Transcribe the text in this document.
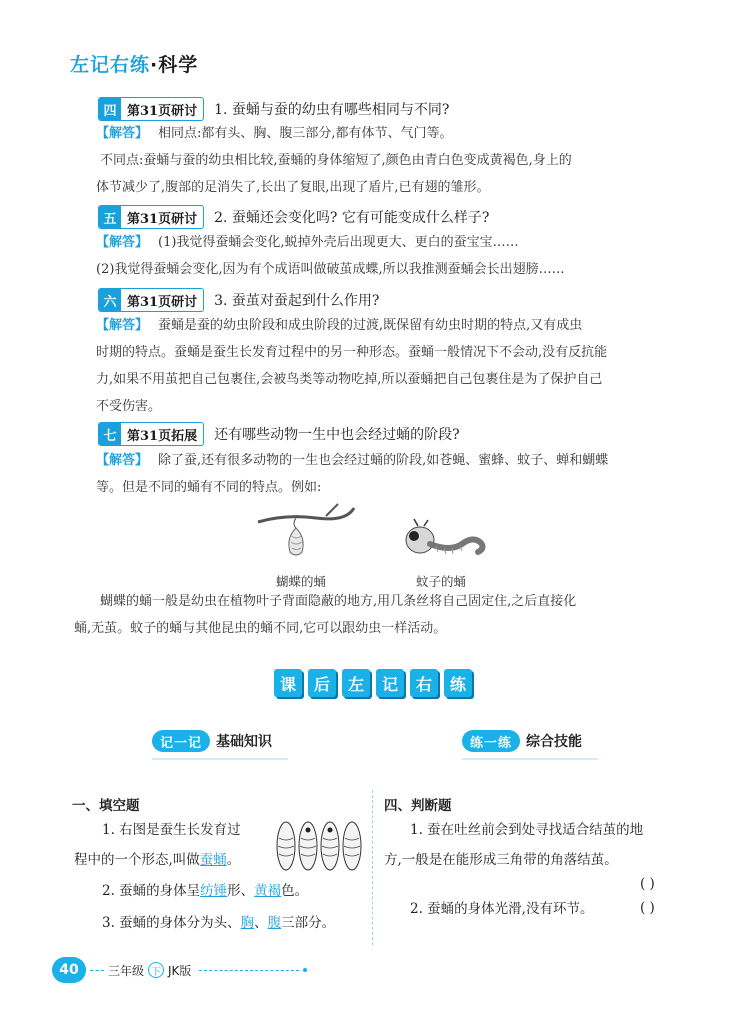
左记右练·科学
四 第31页研讨	1. 蚕蛹与蚕的幼虫有哪些相同与不同?
【解答】 相同点:都有头、胸、腹三部分,都有体节、气门等。
不同点:蚕蛹与蚕的幼虫相比较,蚕蛹的身体缩短了,颜色由青白色变成黄褐色,身上的
体节减少了,腹部的足消失了,长出了复眼,出现了盾片,已有翅的雏形。
五 第31页研讨	2. 蚕蛹还会变化吗? 它有可能变成什么样子?
【解答】 (1)我觉得蚕蛹会变化,蜕掉外壳后出现更大、更白的蚕宝宝……
(2)我觉得蚕蛹会变化,因为有个成语叫做破茧成蝶,所以我推测蚕蛹会长出翅膀……
六 第31页研讨	3. 蚕茧对蚕起到什么作用?
【解答】 蚕蛹是蚕的幼虫阶段和成虫阶段的过渡,既保留有幼虫时期的特点,又有成虫
时期的特点。蚕蛹是蚕生长发育过程中的另一种形态。蚕蛹一般情况下不会动,没有反抗能
力,如果不用茧把自己包裹住,会被鸟类等动物吃掉,所以蚕蛹把自己包裹住是为了保护自己
不受伤害。
七 第31页拓展	还有哪些动物一生中也会经过蛹的阶段?
【解答】 除了蚕,还有很多动物的一生也会经过蛹的阶段,如苍蝇、蜜蜂、蚊子、蝉和蝴蝶
等。但是不同的蛹有不同的特点。例如:
蝴蝶的蛹	蚊子的蛹
蝴蝶的蛹一般是幼虫在植物叶子背面隐蔽的地方,用几条丝将自己固定住,之后直接化
蛹,无茧。蚊子的蛹与其他昆虫的蛹不同,它可以跟幼虫一样活动。
课	后	左	记	右	练
记一记	基础知识	练一练	综合技能
一、填空题
1. 右图是蚕生长发育过
程中的一个形态,叫做蚕蛹。
2. 蚕蛹的身体呈纺锤形、黄褐色。
3. 蚕蛹的身体分为头、胸、腹三部分。
四、判断题
1. 蚕在吐丝前会到处寻找适合结茧的地
方,一般是在能形成三角带的角落结茧。
( )
2. 蚕蛹的身体光滑,没有环节。	( )
40	三年级 下 JK版
